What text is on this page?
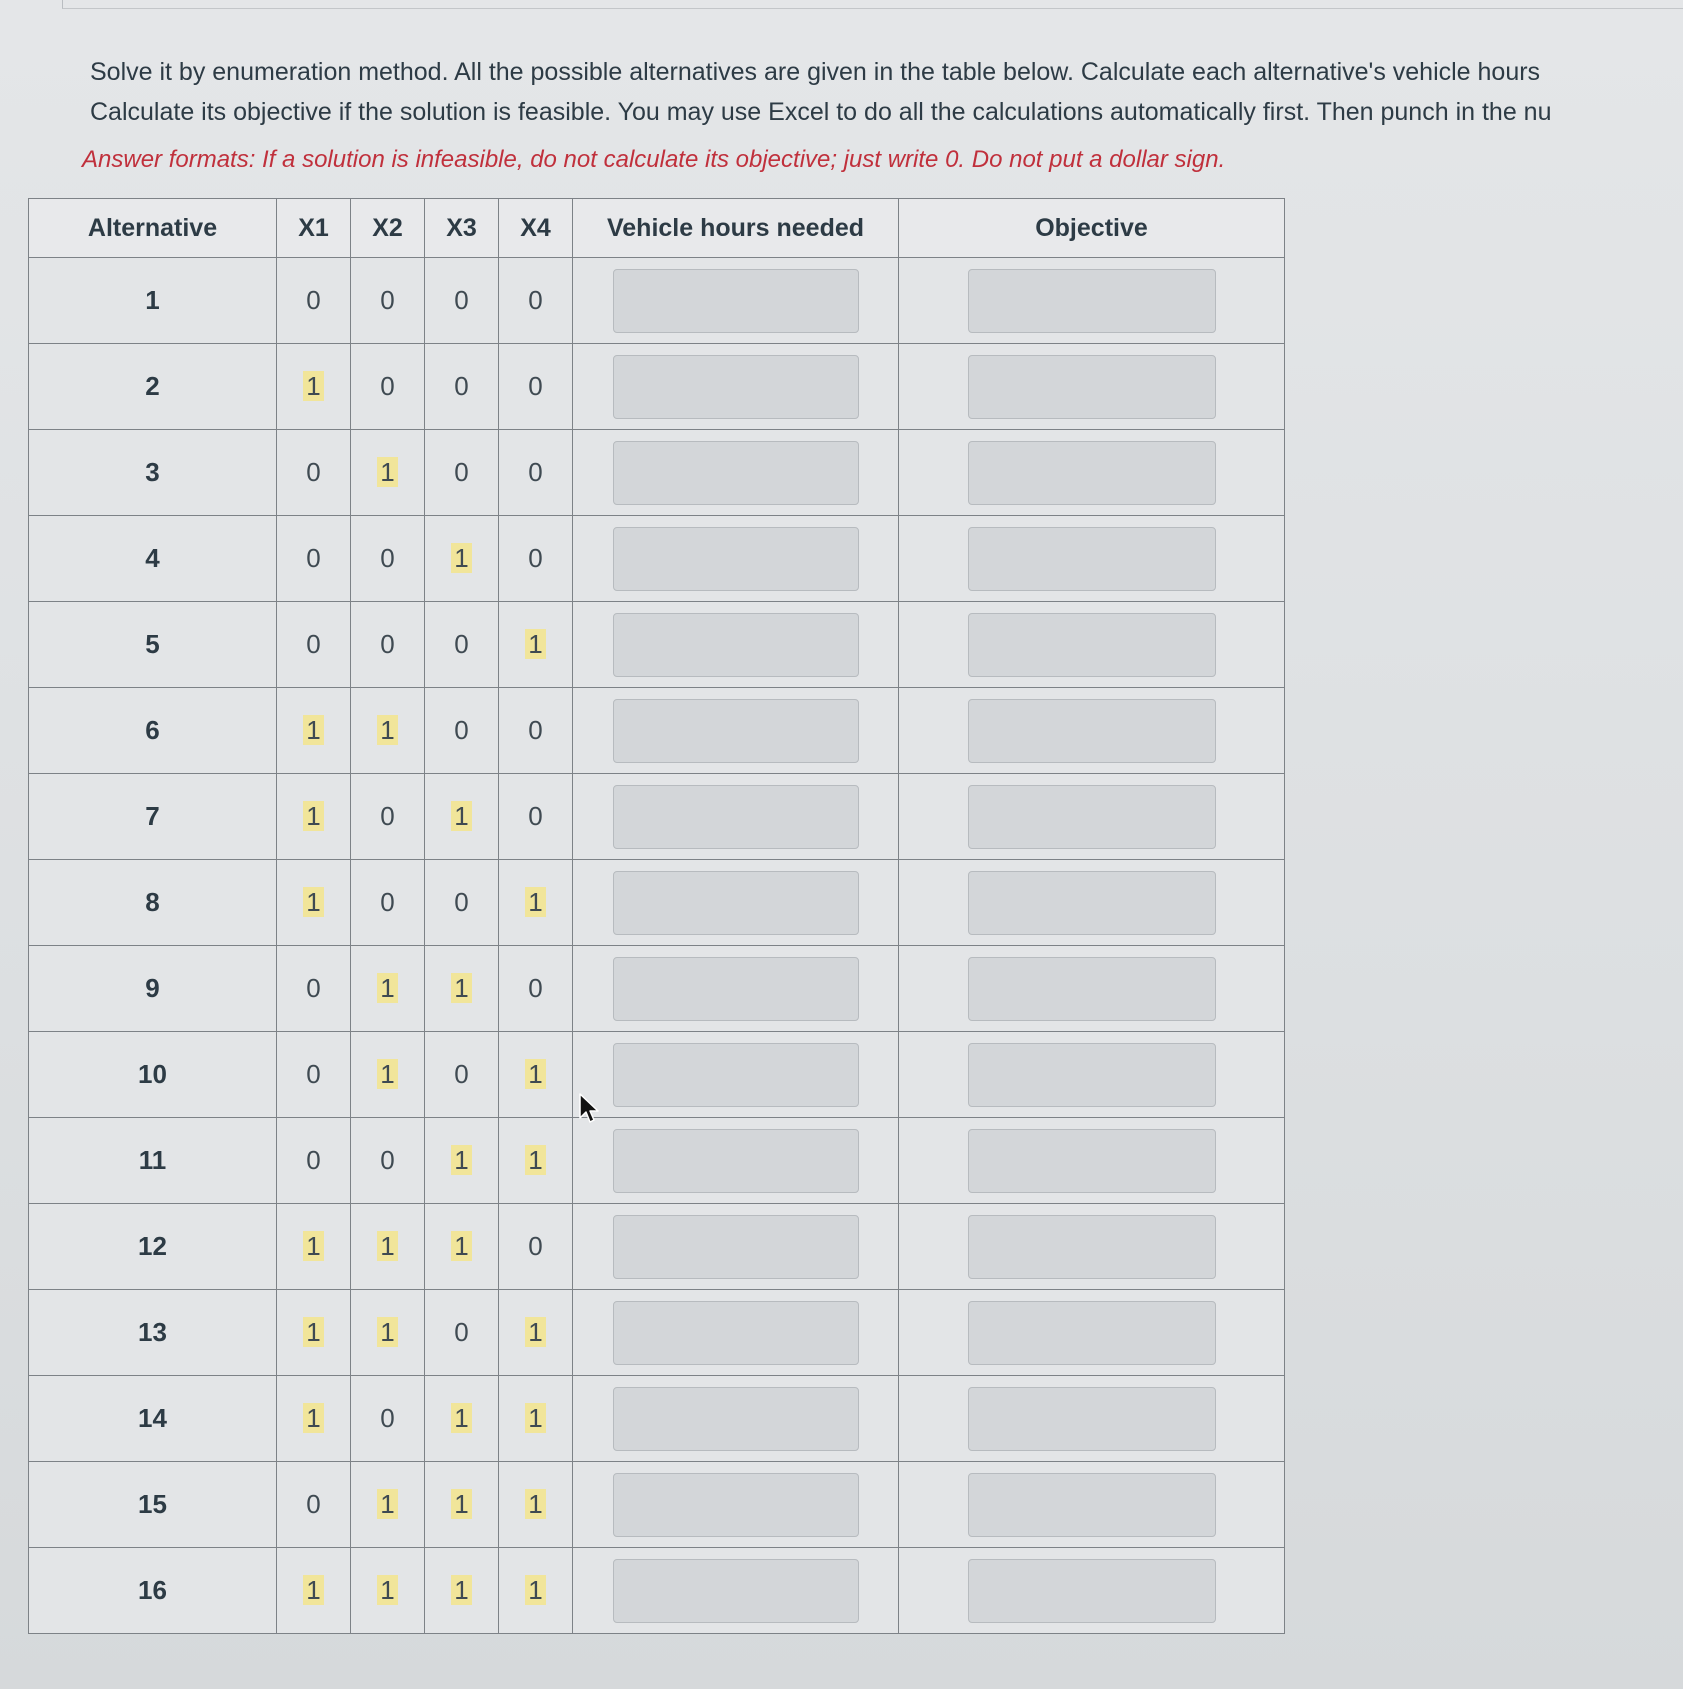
Solve it by enumeration method. All the possible alternatives are given in the table below. Calculate each alternative's vehicle hours

Calculate its objective if the solution is feasible. You may use Excel to do all the calculations automatically first. Then punch in the nu

Answer formats: If a solution is infeasible, do not calculate its objective; just write 0. Do not put a dollar sign.
Alternative	X1	X2	X3	X4	Vehicle hours needed	Objective
1	0	0	0	0	

2	1	0	0	0	

3	0	1	0	0	

4	0	0	1	0	

5	0	0	0	1	

6	1	1	0	0	

7	1	0	1	0	

8	1	0	0	1	

9	0	1	1	0	

10	0	1	0	1	

11	0	0	1	1	

12	1	1	1	0	

13	1	1	0	1	

14	1	0	1	1	

15	0	1	1	1	

16	1	1	1	1	
